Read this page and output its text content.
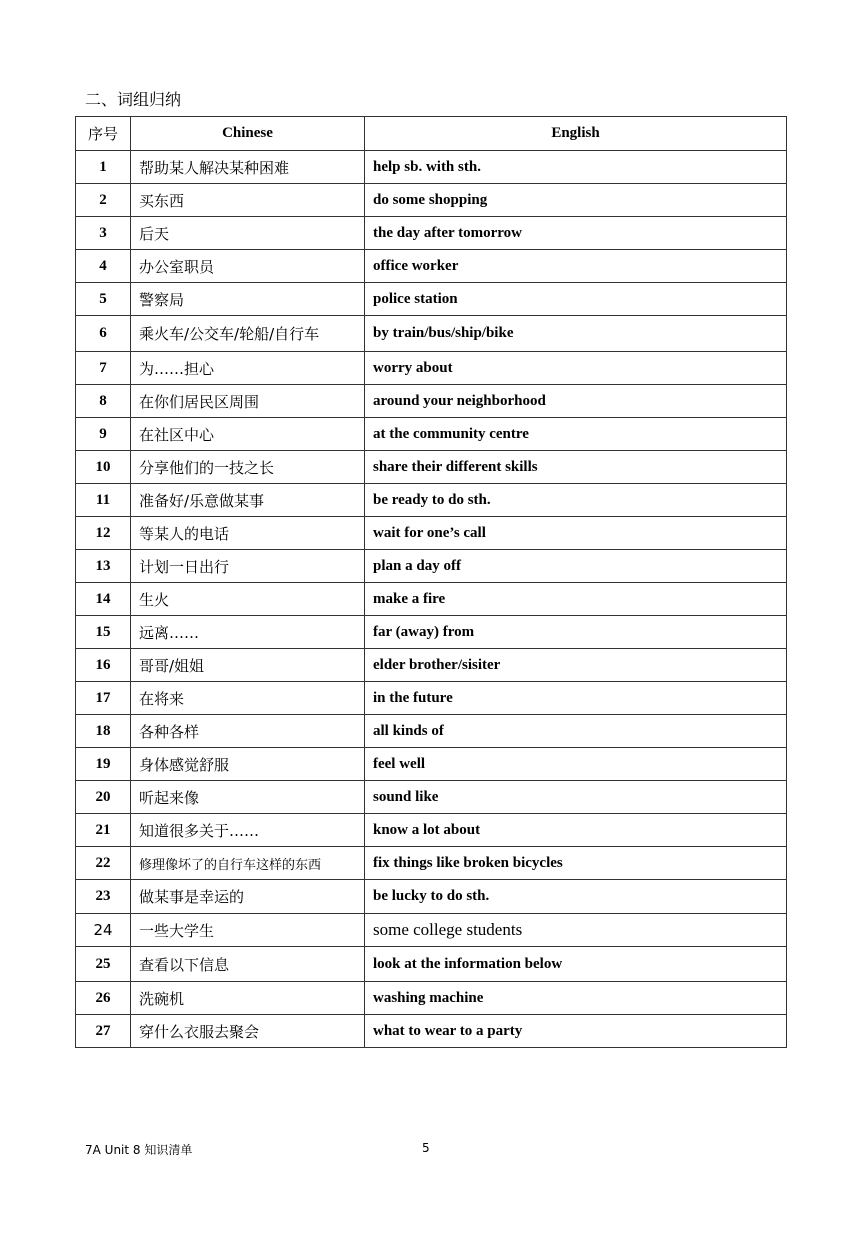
二、词组归纳
序号	Chinese	English
1	帮助某人解决某种困难	help sb. with sth.
2	买东西	do some shopping
3	后天	the day after tomorrow
4	办公室职员	office worker
5	警察局	police station
6	乘火车/公交车/轮船/自行车	by train/bus/ship/bike
7	为……担心	worry about
8	在你们居民区周围	around your neighborhood
9	在社区中心	at the community centre
10	分享他们的一技之长	share their different skills
11	准备好/乐意做某事	be ready to do sth.
12	等某人的电话	wait for one’s call
13	计划一日出行	plan a day off
14	生火	make a fire
15	远离……	far (away) from
16	哥哥/姐姐	elder brother/sisiter
17	在将来	in the future
18	各种各样	all kinds of
19	身体感觉舒服	feel well
20	听起来像	sound like
21	知道很多关于……	know a lot about
22	修理像坏了的自行车这样的东西	fix things like broken bicycles
23	做某事是幸运的	be lucky to do sth.
24	一些大学生	some college students
25	查看以下信息	look at the information below
26	洗碗机	washing machine
27	穿什么衣服去聚会	what to wear to a party
7A Unit 8 知识清单	5
